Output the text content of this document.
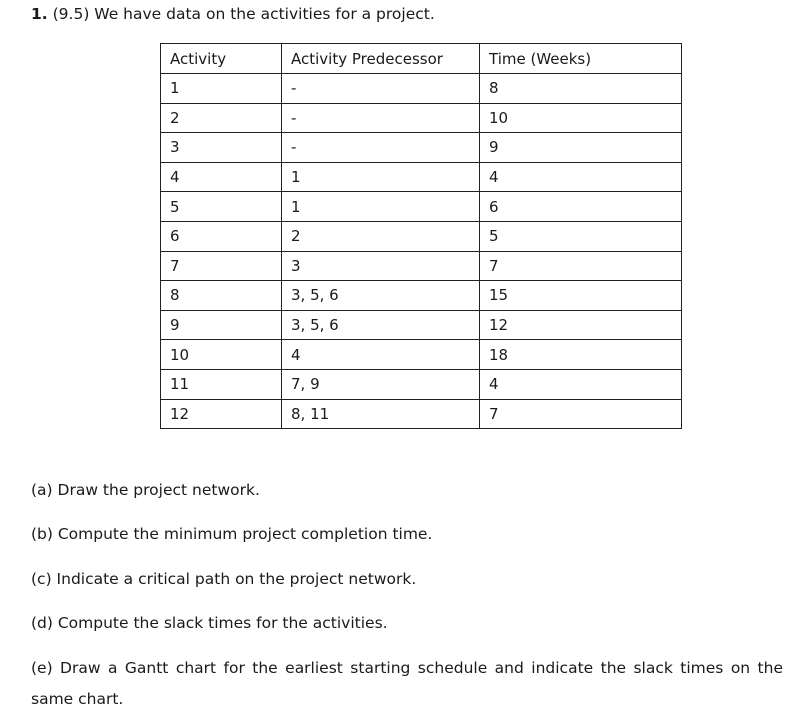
1. (9.5) We have data on the activities for a project.
Activity	Activity Predecessor	Time (Weeks)
1	-	8
2	-	10
3	-	9
4	1	4
5	1	6
6	2	5
7	3	7
8	3, 5, 6	15
9	3, 5, 6	12
10	4	18
11	7, 9	4
12	8, 11	7
(a) Draw the project network.
(b) Compute the minimum project completion time.
(c) Indicate a critical path on the project network.
(d) Compute the slack times for the activities.
(e) Draw a Gantt chart for the earliest starting schedule and indicate the slack times on the same chart.
